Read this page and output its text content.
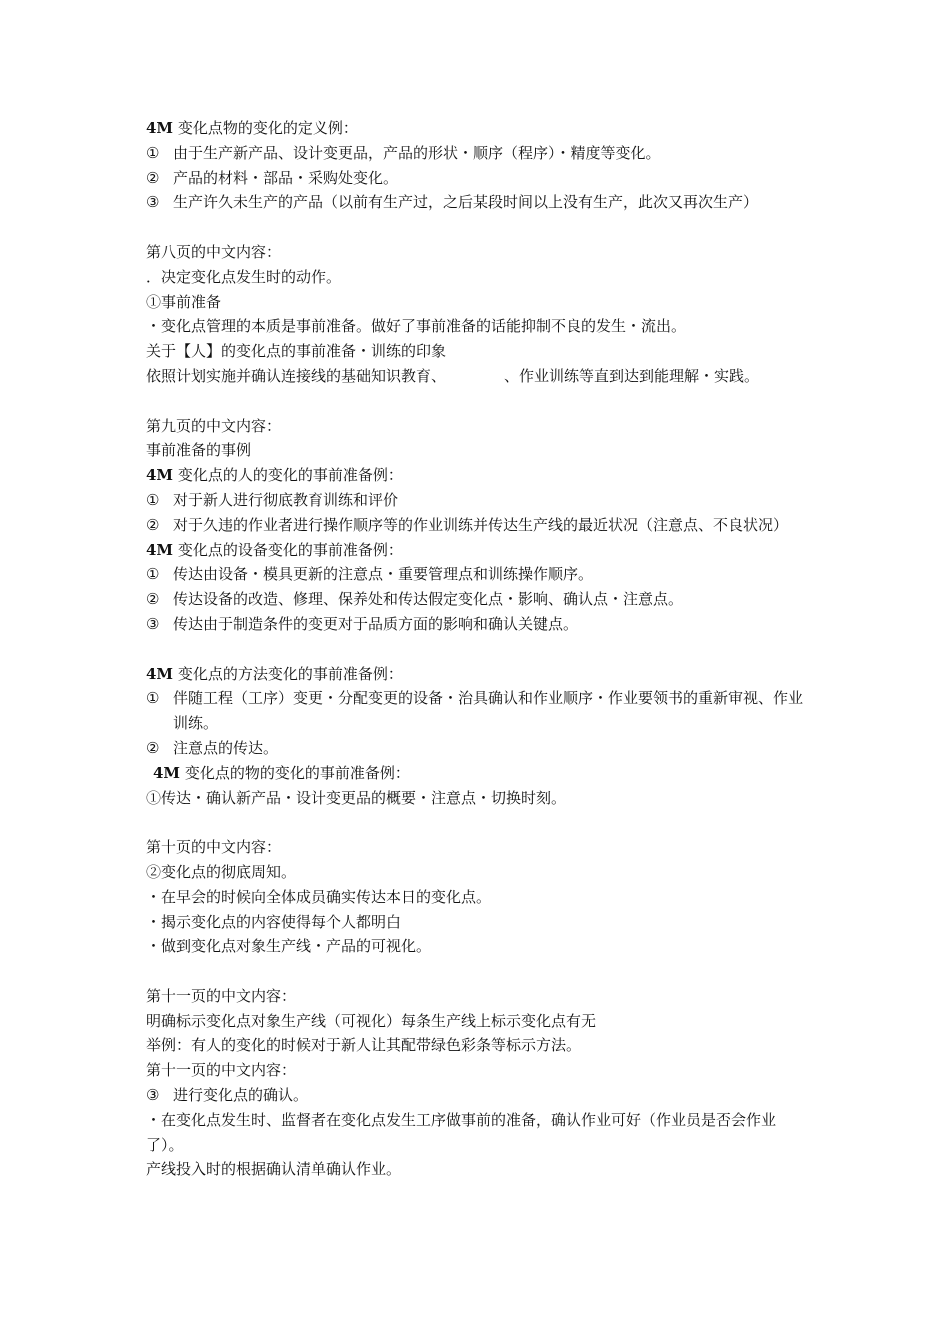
4M 变化点物的变化的定义例：
① 由于生产新产品、设计变更品，产品的形状・顺序（程序）・精度等变化。
② 产品的材料・部品・采购处变化。
③ 生产许久未生产的产品（以前有生产过，之后某段时间以上没有生产，此次又再次生产）
第八页的中文内容：
．决定变化点发生时的动作。
①事前准备
・变化点管理的本质是事前准备。做好了事前准备的话能抑制不良的发生・流出。
关于【人】的变化点的事前准备・训练的印象
依照计划实施并确认连接线的基础知识教育、	、作业训练等直到达到能理解・实践。
第九页的中文内容：
事前准备的事例
4M 变化点的人的变化的事前准备例：
① 对于新人进行彻底教育训练和评价
② 对于久违的作业者进行操作顺序等的作业训练并传达生产线的最近状况（注意点、不良状况）
4M 变化点的设备变化的事前准备例：
① 传达由设备・模具更新的注意点・重要管理点和训练操作顺序。
② 传达设备的改造、修理、保养处和传达假定变化点・影响、确认点・注意点。
③ 传达由于制造条件的变更对于品质方面的影响和确认关键点。
4M 变化点的方法变化的事前准备例：
① 伴随工程（工序）变更・分配变更的设备・治具确认和作业顺序・作业要领书的重新审视、作业训练。
② 注意点的传达。
4M 变化点的物的变化的事前准备例：
①传达・确认新产品・设计变更品的概要・注意点・切换时刻。
第十页的中文内容：
②变化点的彻底周知。
・在早会的时候向全体成员确实传达本日的变化点。
・揭示变化点的内容使得每个人都明白
・做到变化点对象生产线・产品的可视化。
第十一页的中文内容：
明确标示变化点对象生产线（可视化）每条生产线上标示变化点有无
举例：有人的变化的时候对于新人让其配带绿色彩条等标示方法。
第十一页的中文内容：
③ 进行变化点的确认。
・在变化点发生时、监督者在变化点发生工序做事前的准备，确认作业可好（作业员是否会作业了）。
产线投入时的根据确认清单确认作业。
